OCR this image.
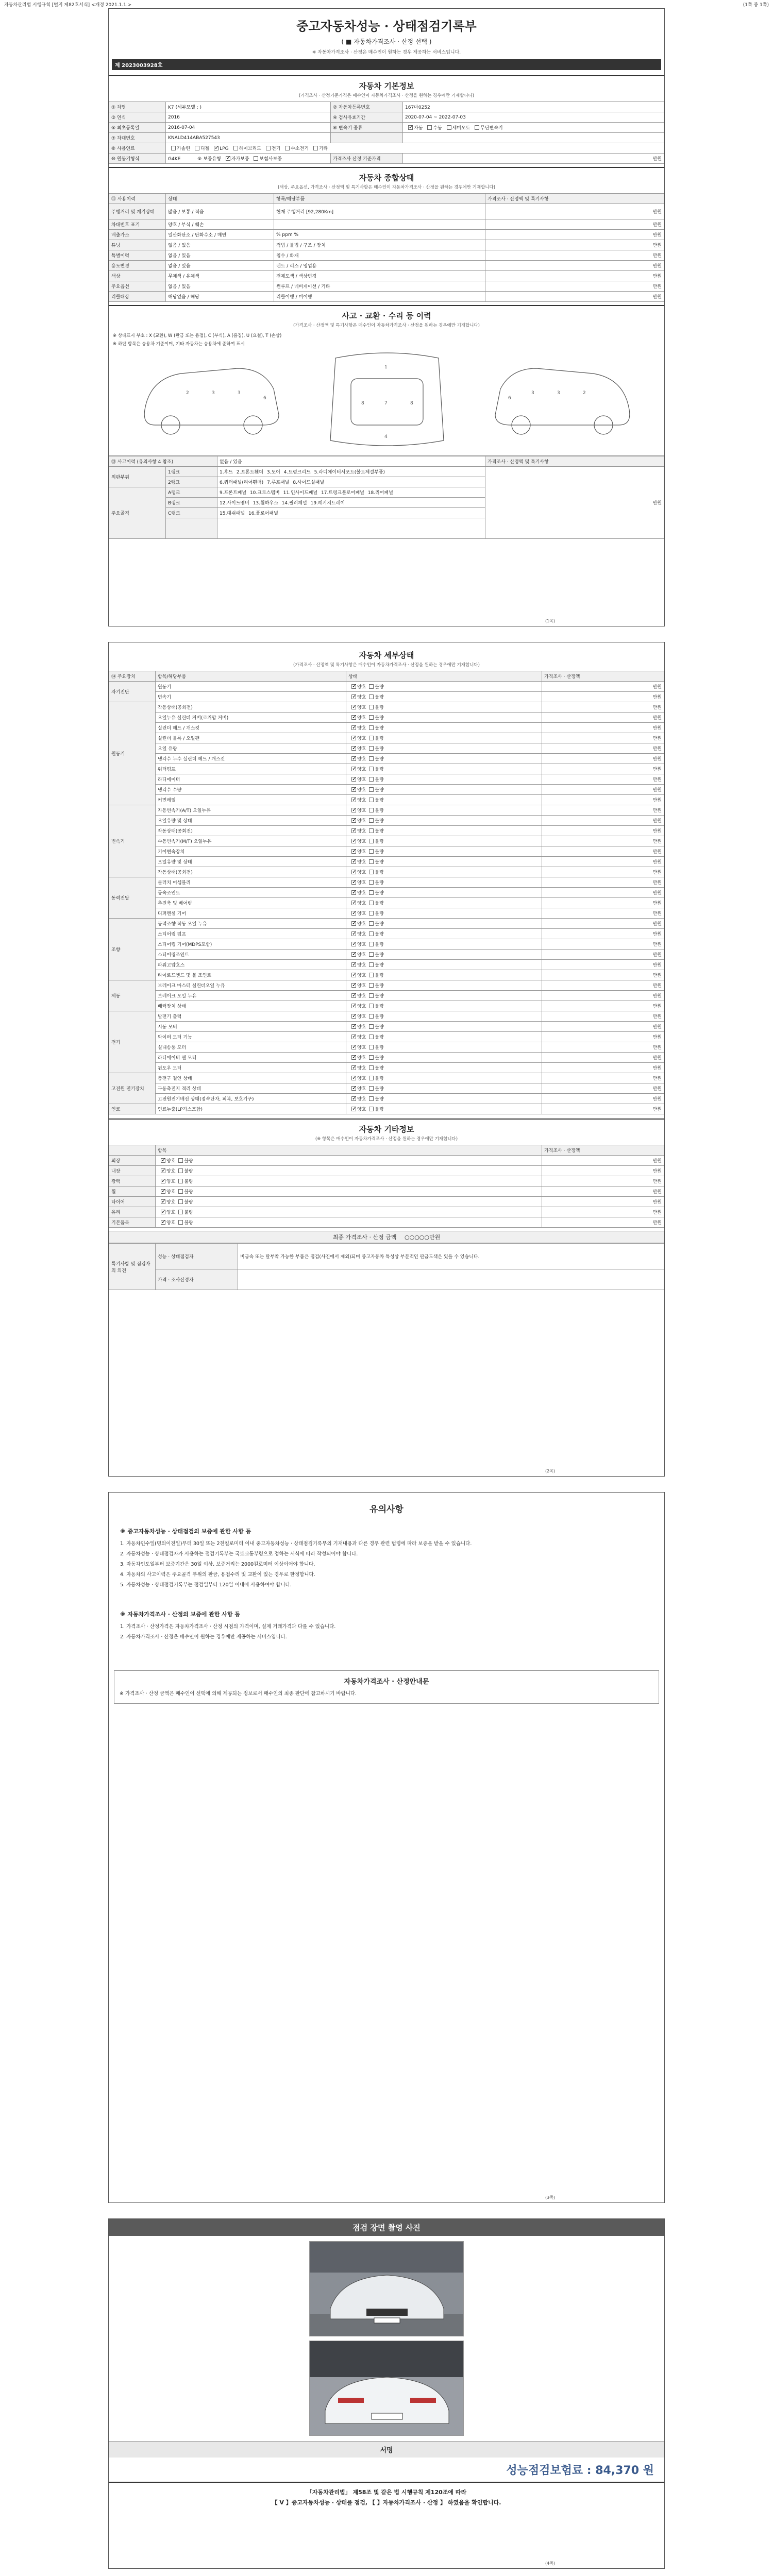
자동차관리법 시행규칙 [별지 제82호서식] <개정 2021.1.1.>	(1쪽 중 1쪽)
중고자동차성능 · 상태점검기록부
( ■ 자동차가격조사 · 산정 선택 )
※ 자동차가격조사 · 산정은 매수인이 원하는 경우 제공하는 서비스입니다.
제 2023003928호
자동차 기본정보
(가격조사 · 산정기준가격은 매수인이 자동차가격조사 · 산정을 원하는 경우에만 기재합니다)
① 차명	K7 (세부모델 : )	② 자동차등록번호	167마0252
③ 연식	2016	④ 검사유효기간	2020-07-04 ~ 2022-07-03
⑤ 최초등록일	2016-07-04	⑥ 변속기 종류	✓자동 수동 세미오토 무단변속기
⑦ 차대번호	KNALD414ABA527543		
⑧ 사용연료	가솔린 디젤 ✓ LPG 하이브리드 전기 수소전기 기타
⑩ 원동기형식	G4KE ⑨ 보증유형 ✓ 자가보증 보험사보증	가격조사 산정 기준가격	만원
자동차 종합상태
(색상, 주요옵션, 가격조사 · 산정액 및 특기사항은 매수인이 자동차가격조사 · 산정을 원하는 경우에만 기재합니다)
⑪ 사용이력	상태	항목/해당부품	가격조사 · 산정액 및 특기사항
주행거리 및 계기상태	많음 / 보통 / 적음	현재 주행거리 [92,280Km]	만원
차대번호 표기	양호 / 부식 / 훼손		만원
배출가스	일산화탄소 / 탄화수소 / 매연	% ppm %	만원
튜닝	없음 / 있음	적법 / 불법 / 구조 / 장치	만원
특별이력	없음 / 있음	침수 / 화재	만원
용도변경	없음 / 있음	렌트 / 리스 / 영업용	만원
색상	무채색 / 유채색	전체도색 / 색상변경	만원
주요옵션	없음 / 있음	썬루프 / 네비게이션 / 기타	만원
리콜대상	해당없음 / 해당	리콜이행 / 미이행	만원
사고 · 교환 · 수리 등 이력
(가격조사 · 산정액 및 특기사항은 매수인이 자동차가격조사 · 산정을 원하는 경우에만 기재합니다)
※ 상태표시 부호 : X (교환), W (판금 또는 용접), C (부식), A (흠집), U (요철), T (손상)
※ 하단 항목은 승용차 기준이며, 기타 자동차는 승용차에 준하여 표시
2	3	3
6
1
7
4
8	8
2
3
3
6
⑬ 사고이력 (유의사항 4 참조)		없음 / 있음	가격조사 · 산정액 및 특기사항
외판부위	1랭크	1.후드 2.프론트휀더 3.도어 4.트렁크리드 5.라디에이터서포트(볼트체결부품)	만원
	2랭크	6.쿼터패널(리어휀더) 7.루프패널 8.사이드실패널	
주요골격	A랭크	9.프론트패널 10.크로스멤버 11.인사이드패널 17.트렁크플로어패널 18.리어패널	
	B랭크	12.사이드멤버 13.휠하우스 14.필러패널 19.패키지트레이	
	C랭크	15.대쉬패널 16.플로어패널	

(1쪽)
자동차 세부상태
(가격조사 · 산정액 및 특기사항은 매수인이 자동차가격조사 · 산정을 원하는 경우에만 기재합니다)
⑭ 주요장치	항목/해당부품	상태	가격조사 · 산정액
자기진단	원동기	✓양호 불량	만원
	변속기	✓양호 불량	만원
원동기	작동상태(공회전)	✓양호 불량	만원
	오일누유 실린더 커버(로커암 커버)	✓양호 불량	만원
	실린더 헤드 / 개스킷	✓양호 불량	만원
	실린더 블록 / 오일팬	✓양호 불량	만원
	오일 유량	✓양호 불량	만원
	냉각수 누수 실린더 헤드 / 개스킷	✓양호 불량	만원
	워터펌프	✓양호 불량	만원
	라디에이터	✓양호 불량	만원
	냉각수 수량	✓양호 불량	만원
	커먼레일	✓양호 불량	만원
변속기	자동변속기(A/T) 오일누유	✓양호 불량	만원
	오일유량 및 상태	✓양호 불량	만원
	작동상태(공회전)	✓양호 불량	만원
	수동변속기(M/T) 오일누유	✓양호 불량	만원
	기어변속장치	✓양호 불량	만원
	오일유량 및 상태	✓양호 불량	만원
	작동상태(공회전)	✓양호 불량	만원
동력전달	클러치 어셈블리	✓양호 불량	만원
	등속조인트	✓양호 불량	만원
	추진축 및 베어링	✓양호 불량	만원
	디퍼렌셜 기어	✓양호 불량	만원
조향	동력조향 작동 오일 누유	✓양호 불량	만원
	스티어링 펌프	✓양호 불량	만원
	스티어링 기어(MDPS포함)	✓양호 불량	만원
	스티어링조인트	✓양호 불량	만원
	파워고압호스	✓양호 불량	만원
	타이로드엔드 및 볼 조인트	✓양호 불량	만원
제동	브레이크 마스터 실린더오일 누유	✓양호 불량	만원
	브레이크 오일 누유	✓양호 불량	만원
	배력장치 상태	✓양호 불량	만원
전기	발전기 출력	✓양호 불량	만원
	시동 모터	✓양호 불량	만원
	와이퍼 모터 기능	✓양호 불량	만원
	실내송풍 모터	✓양호 불량	만원
	라디에이터 팬 모터	✓양호 불량	만원
	윈도우 모터	✓양호 불량	만원
고전원 전기장치	충전구 절연 상태	✓양호 불량	만원
	구동축전지 격리 상태	✓양호 불량	만원
	고전원전기배선 상태(접속단자, 피복, 보호기구)	✓양호 불량	만원
연료	연료누출(LP가스포함)	✓양호 불량	만원
자동차 기타정보
(※ 항목은 매수인이 자동차가격조사 · 산정을 원하는 경우에만 기재합니다)
	항목	가격조사 · 산정액
외장	✓양호 불량	만원
내장	✓양호 불량	만원
광택	✓양호 불량	만원
휠	✓양호 불량	만원
타이어	✓양호 불량	만원
유리	✓양호 불량	만원
기본품목	✓양호 불량	만원
최종 가격조사 · 산정 금액 ○○○○○만원
특기사항 및 점검자의 의견	성능 · 상태점검자	비금속 또는 탈부착 가능한 부품은 점검(사진에서 제외)되며 중고자동차 특성상 부분적인 판금도색은 있을 수 있습니다.
	가격 · 조사산정자	
(2쪽)
유의사항
※ 중고자동차성능 · 상태점검의 보증에 관한 사항 등

1. 자동차인수일(명의이전일)부터 30일 또는 2천킬로미터 이내 중고자동차성능 · 상태점검기록부의 기재내용과 다른 경우 관련 법령에 따라 보증을 받을 수 있습니다.

2. 자동차성능 · 상태점검자가 사용하는 점검기록부는 국토교통부령으로 정하는 서식에 따라 작성되어야 합니다.

3. 자동차인도일부터 보증기간은 30일 이상, 보증거리는 2000킬로미터 이상이어야 합니다.

4. 자동차의 사고이력은 주요골격 부위의 판금, 용접수리 및 교환이 있는 경우로 한정합니다.

5. 자동차성능 · 상태점검기록부는 점검일부터 120일 이내에 사용하여야 합니다.

※ 자동차가격조사 · 산정의 보증에 관한 사항 등

1. 가격조사 · 산정가격은 자동차가격조사 · 산정 시점의 가격이며, 실제 거래가격과 다를 수 있습니다.

2. 자동차가격조사 · 산정은 매수인이 원하는 경우에만 제공하는 서비스입니다.

자동차가격조사 · 산정안내문
※ 가격조사 · 산정 금액은 매수인이 선택에 의해 제공되는 정보로서 매수인의 최종 판단에 참고하시기 바랍니다.
(3쪽)
점검 장면 촬영 사진
서명
성능점검보험료 : 84,370 원
「자동차관리법」 제58조 및 같은 법 시행규칙 제120조에 따라
【 V 】중고자동차성능 · 상태를 점검, 【 】자동차가격조사 · 산정 】 하였음을 확인합니다.
(4쪽)
